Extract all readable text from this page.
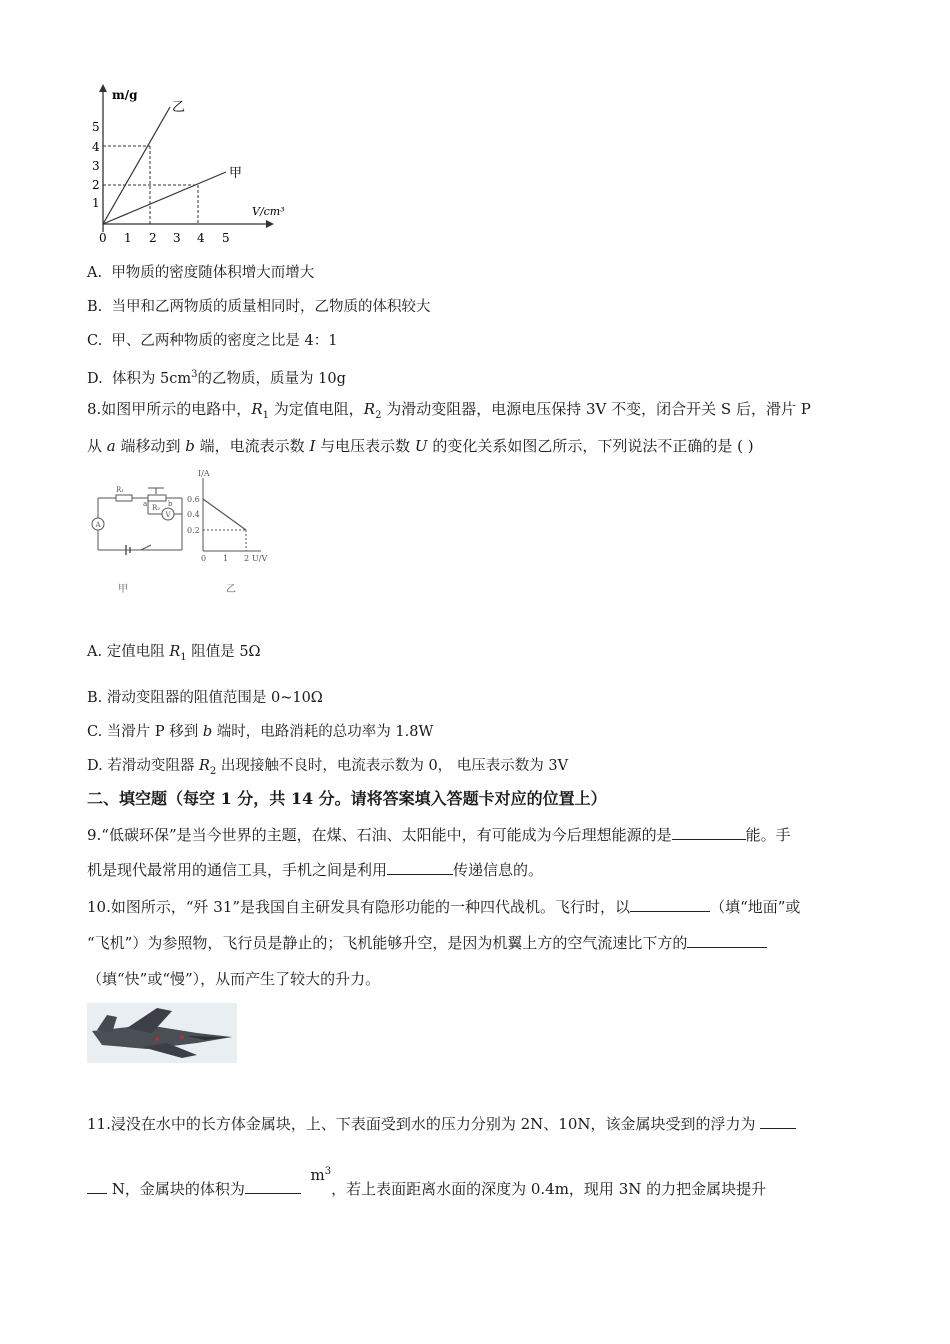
m/g
V/cm³
1
2
3
4
5
0 1 2 3 4 5
乙
甲
A. 甲物质的密度随体积增大而增大
B. 当甲和乙两物质的质量相同时，乙物质的体积较大
C. 甲、乙两种物质的密度之比是 4：1
D. 体积为 $5cm^3$的乙物质，质量为 10g
8.如图甲所示的电路中，$R_1$ 为定值电阻，$R_2$ 为滑动变阻器，电源电压保持 3V 不变，闭合开关 S 后，滑片 P
从 a 端移动到 b 端，电流表示数 I 与电压表示数 U 的变化关系如图乙所示，下列说法不正确的是 ( )
R₁
R₂
A
V
a	b
甲
I/A
0.6
0.4
0.2
0 1 2 U/V
乙
A. 定值电阻 $R_1$ 阻值是 5Ω
B. 滑动变阻器的阻值范围是 0~10Ω
C. 当滑片 P 移到 b 端时，电路消耗的总功率为 1.8W
D. 若滑动变阻器 $R_2$ 出现接触不良时，电流表示数为 0， 电压表示数为 3V
二、填空题（每空 1 分，共 14 分。请将答案填入答题卡对应的位置上）
9.“低碳环保”是当今世界的主题，在煤、石油、太阳能中，有可能成为今后理想能源的是	能。手
机是现代最常用的通信工具，手机之间是利用	传递信息的。
10.如图所示，“歼 31”是我国自主研发具有隐形功能的一种四代战机。飞行时，以	（填“地面”或
“飞机”）为参照物，飞行员是静止的；飞机能够升空，是因为机翼上方的空气流速比下方的
（填“快”或“慢”），从而产生了较大的升力。
11.浸没在水中的长方体金属块，上、下表面受到水的压力分别为 2N、10N，该金属块受到的浮力为
N，金属块的体积为  $m^3$，若上表面距离水面的深度为 0.4m，现用 3N 的力把金属块提升
